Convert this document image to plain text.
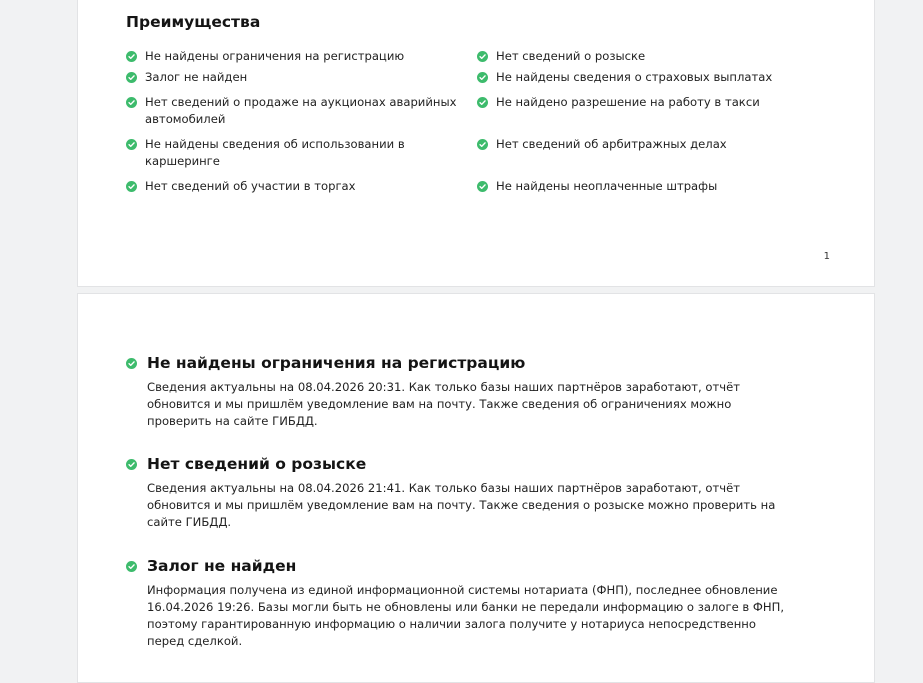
Преимущества
Не найдены ограничения на регистрацию
Залог не найден
Нет сведений о продаже на аукционах аварийных автомобилей
Не найдены сведения об использовании в каршеринге
Нет сведений об участии в торгах
Нет сведений о розыске
Не найдены сведения о страховых выплатах
Не найдено разрешение на работу в такси
Нет сведений об арбитражных делах
Не найдены неоплаченные штрафы
1
Не найдены ограничения на регистрацию

Сведения актуальны на 08.04.2026 20:31. Как только базы наших партнёров заработают, отчёт обновится и мы пришлём уведомление вам на почту. Также сведения об ограничениях можно проверить на сайте ГИБДД.

Нет сведений о розыске

Сведения актуальны на 08.04.2026 21:41. Как только базы наших партнёров заработают, отчёт обновится и мы пришлём уведомление вам на почту. Также сведения о розыске можно проверить на сайте ГИБДД.

Залог не найден

Информация получена из единой информационной системы нотариата (ФНП), последнее обновление 16.04.2026 19:26. Базы могли быть не обновлены или банки не передали информацию о залоге в ФНП, поэтому гарантированную информацию о наличии залога получите у нотариуса непосредственно перед сделкой.
